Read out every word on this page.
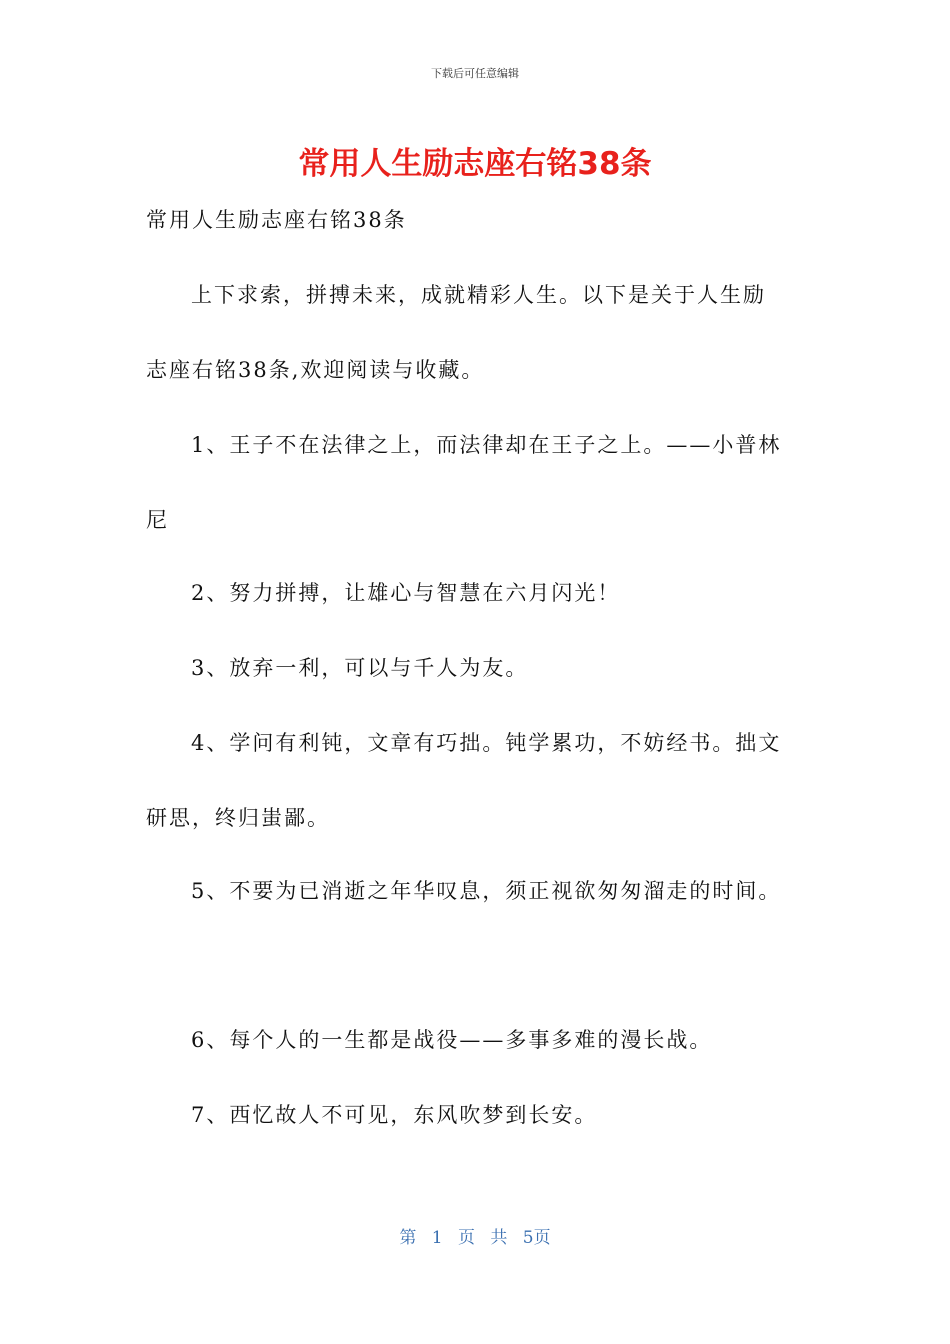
下载后可任意编辑
常用人生励志座右铭38条
常用人生励志座右铭38条
上下求索，拼搏未来，成就精彩人生。以下是关于人生励
志座右铭38条,欢迎阅读与收藏。
1、王子不在法律之上，而法律却在王子之上。——小普林
尼
2、努力拼搏，让雄心与智慧在六月闪光！
3、放弃一利，可以与千人为友。
4、学问有利钝，文章有巧拙。钝学累功，不妨经书。拙文
研思，终归蚩鄙。
5、不要为已消逝之年华叹息，须正视欲匆匆溜走的时间。
6、每个人的一生都是战役——多事多难的漫长战。
7、西忆故人不可见，东风吹梦到长安。
第 1 页 共 5页
